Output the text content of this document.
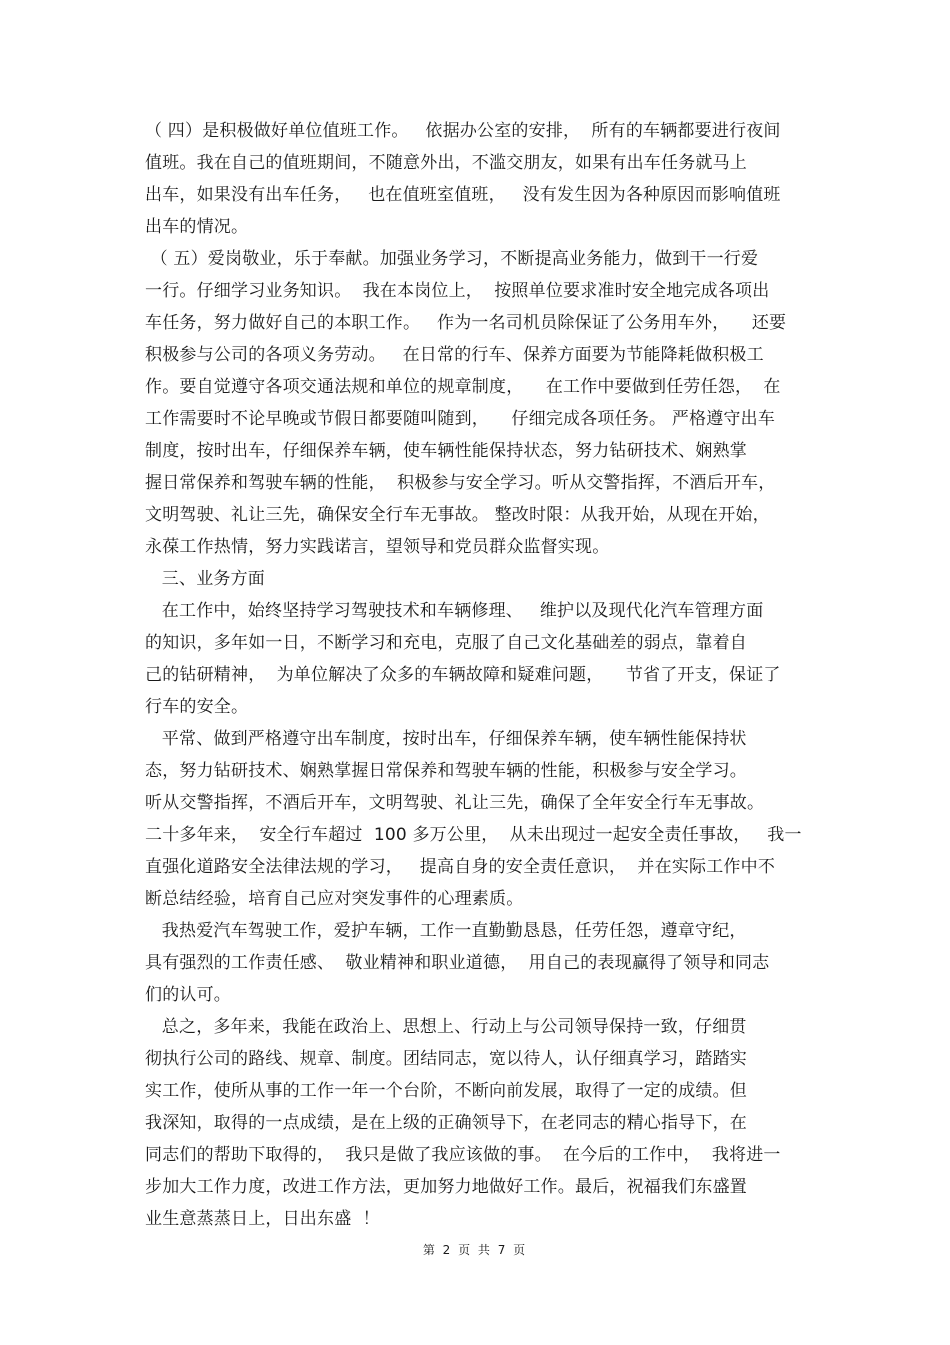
（ 四）是积极做好单位值班工作。   依据办公室的安排，  所有的车辆都要进行夜间
值班。我在自己的值班期间，不随意外出，不滥交朋友，如果有出车任务就马上
出车，如果没有出车任务，   也在值班室值班，   没有发生因为各种原因而影响值班
出车的情况。
（ 五）爱岗敬业，乐于奉献。加强业务学习，不断提高业务能力，做到干一行爱
一行。仔细学习业务知识。  我在本岗位上，  按照单位要求准时安全地完成各项出
车任务，努力做好自己的本职工作。   作为一名司机员除保证了公务用车外，    还要
积极参与公司的各项义务劳动。   在日常的行车、保养方面要为节能降耗做积极工
作。要自觉遵守各项交通法规和单位的规章制度，    在工作中要做到任劳任怨，  在
工作需要时不论早晚或节假日都要随叫随到，    仔细完成各项任务。 严格遵守出车
制度，按时出车，仔细保养车辆，使车辆性能保持状态，努力钻研技术、娴熟掌
握日常保养和驾驶车辆的性能，  积极参与安全学习。听从交警指挥，不酒后开车，
文明驾驶、礼让三先，确保安全行车无事故。 整改时限：从我开始，从现在开始，
永葆工作热情，努力实践诺言，望领导和党员群众监督实现。
三、业务方面
在工作中，始终坚持学习驾驶技术和车辆修理、   维护以及现代化汽车管理方面
的知识，多年如一日，不断学习和充电，克服了自己文化基础差的弱点，靠着自
己的钻研精神，  为单位解决了众多的车辆故障和疑难问题，    节省了开支，保证了
行车的安全。
平常、做到严格遵守出车制度，按时出车，仔细保养车辆，使车辆性能保持状
态，努力钻研技术、娴熟掌握日常保养和驾驶车辆的性能，积极参与安全学习。
听从交警指挥，不酒后开车，文明驾驶、礼让三先，确保了全年安全行车无事故。
二十多年来，  安全行车超过  100 多万公里，  从未出现过一起安全责任事故，   我一
直强化道路安全法律法规的学习，   提高自身的安全责任意识，  并在实际工作中不
断总结经验，培育自己应对突发事件的心理素质。
我热爱汽车驾驶工作，爱护车辆，工作一直勤勤恳恳，任劳任怨，遵章守纪，
具有强烈的工作责任感、  敬业精神和职业道德，  用自己的表现赢得了领导和同志
们的认可。
总之，多年来，我能在政治上、思想上、行动上与公司领导保持一致，仔细贯
彻执行公司的路线、规章、制度。团结同志，宽以待人，认仔细真学习，踏踏实
实工作，使所从事的工作一年一个台阶，不断向前发展，取得了一定的成绩。但
我深知，取得的一点成绩，是在上级的正确领导下，在老同志的精心指导下，在
同志们的帮助下取得的，  我只是做了我应该做的事。  在今后的工作中，  我将进一
步加大工作力度，改进工作方法，更加努力地做好工作。最后，祝福我们东盛置
业生意蒸蒸日上，日出东盛  ！
第 2 页 共 7 页
